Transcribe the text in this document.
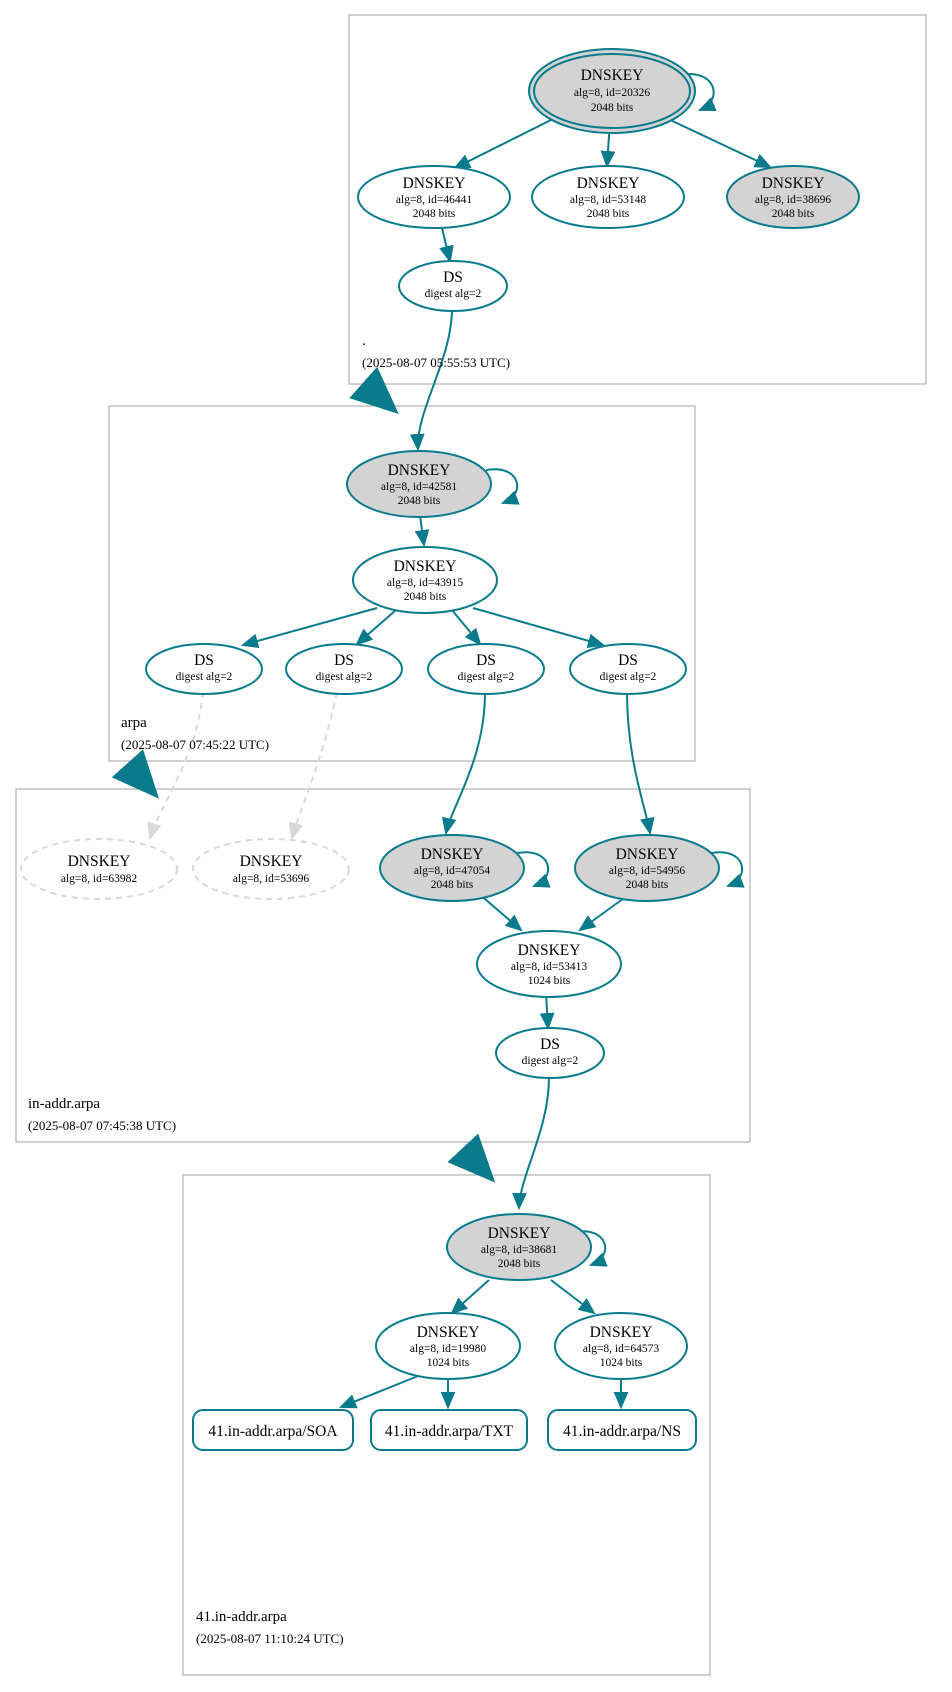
DNSKEY
alg=8, id=20326
2048 bits
DNSKEY
alg=8, id=46441
2048 bits
DNSKEY
alg=8, id=53148
2048 bits
DNSKEY
alg=8, id=38696
2048 bits
DS
digest alg=2
DNSKEY
alg=8, id=42581
2048 bits
DNSKEY
alg=8, id=43915
2048 bits
DS
digest alg=2
DS
digest alg=2
DS
digest alg=2
DS
digest alg=2
DNSKEY
alg=8, id=63982
DNSKEY
alg=8, id=53696
DNSKEY
alg=8, id=47054
2048 bits
DNSKEY
alg=8, id=54956
2048 bits
DNSKEY
alg=8, id=53413
1024 bits
DS
digest alg=2
DNSKEY
alg=8, id=38681
2048 bits
DNSKEY
alg=8, id=19980
1024 bits
DNSKEY
alg=8, id=64573
1024 bits
41.in-addr.arpa/SOA	41.in-addr.arpa/TXT	41.in-addr.arpa/NS
.
(2025-08-07 05:55:53 UTC)
arpa
(2025-08-07 07:45:22 UTC)
in-addr.arpa
(2025-08-07 07:45:38 UTC)
41.in-addr.arpa
(2025-08-07 11:10:24 UTC)
